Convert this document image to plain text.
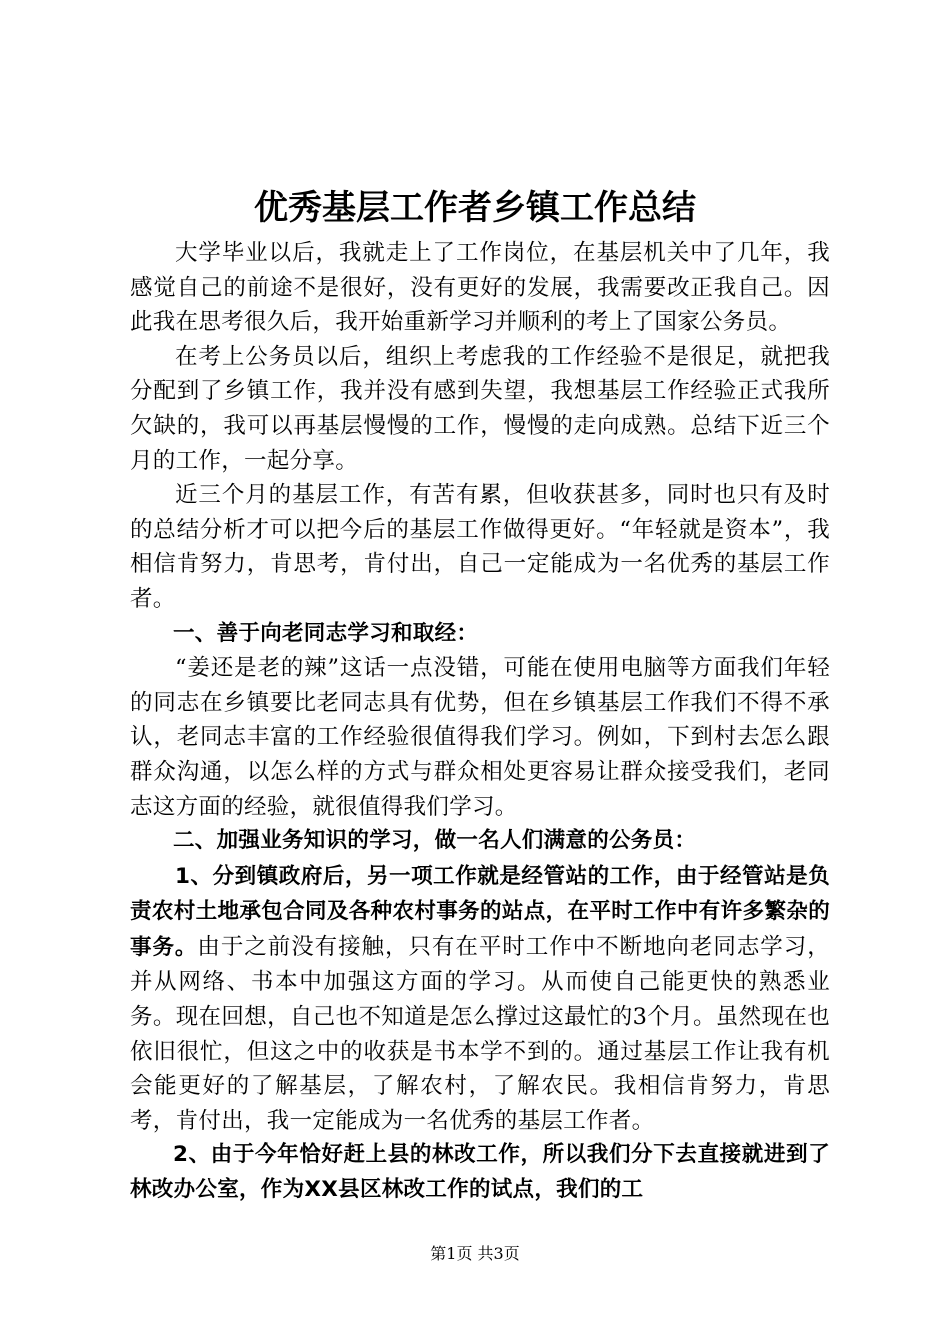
优秀基层工作者乡镇工作总结

大学毕业以后，我就走上了工作岗位，在基层机关中了几年，我感觉自己的前途不是很好，没有更好的发展，我需要改正我自己。因此我在思考很久后，我开始重新学习并顺利的考上了国家公务员。

在考上公务员以后，组织上考虑我的工作经验不是很足，就把我分配到了乡镇工作，我并没有感到失望，我想基层工作经验正式我所欠缺的，我可以再基层慢慢的工作，慢慢的走向成熟。总结下近三个月的工作，一起分享。

近三个月的基层工作，有苦有累，但收获甚多，同时也只有及时的总结分析才可以把今后的基层工作做得更好。“年轻就是资本”，我相信肯努力，肯思考，肯付出，自己一定能成为一名优秀的基层工作者。

一、善于向老同志学习和取经：

“姜还是老的辣”这话一点没错，可能在使用电脑等方面我们年轻的同志在乡镇要比老同志具有优势，但在乡镇基层工作我们不得不承认，老同志丰富的工作经验很值得我们学习。例如，下到村去怎么跟群众沟通，以怎么样的方式与群众相处更容易让群众接受我们，老同志这方面的经验，就很值得我们学习。

二、加强业务知识的学习，做一名人们满意的公务员：

1、分到镇政府后，另一项工作就是经管站的工作，由于经管站是负责农村土地承包合同及各种农村事务的站点，在平时工作中有许多繁杂的事务。由于之前没有接触，只有在平时工作中不断地向老同志学习，并从网络、书本中加强这方面的学习。从而使自己能更快的熟悉业务。现在回想，自己也不知道是怎么撑过这最忙的3个月。虽然现在也依旧很忙，但这之中的收获是书本学不到的。通过基层工作让我有机会能更好的了解基层，了解农村，了解农民。我相信肯努力，肯思考，肯付出，我一定能成为一名优秀的基层工作者。

2、由于今年恰好赶上县的林改工作，所以我们分下去直接就进到了林改办公室，作为XX县区林改工作的试点，我们的工

第1页 共3页
